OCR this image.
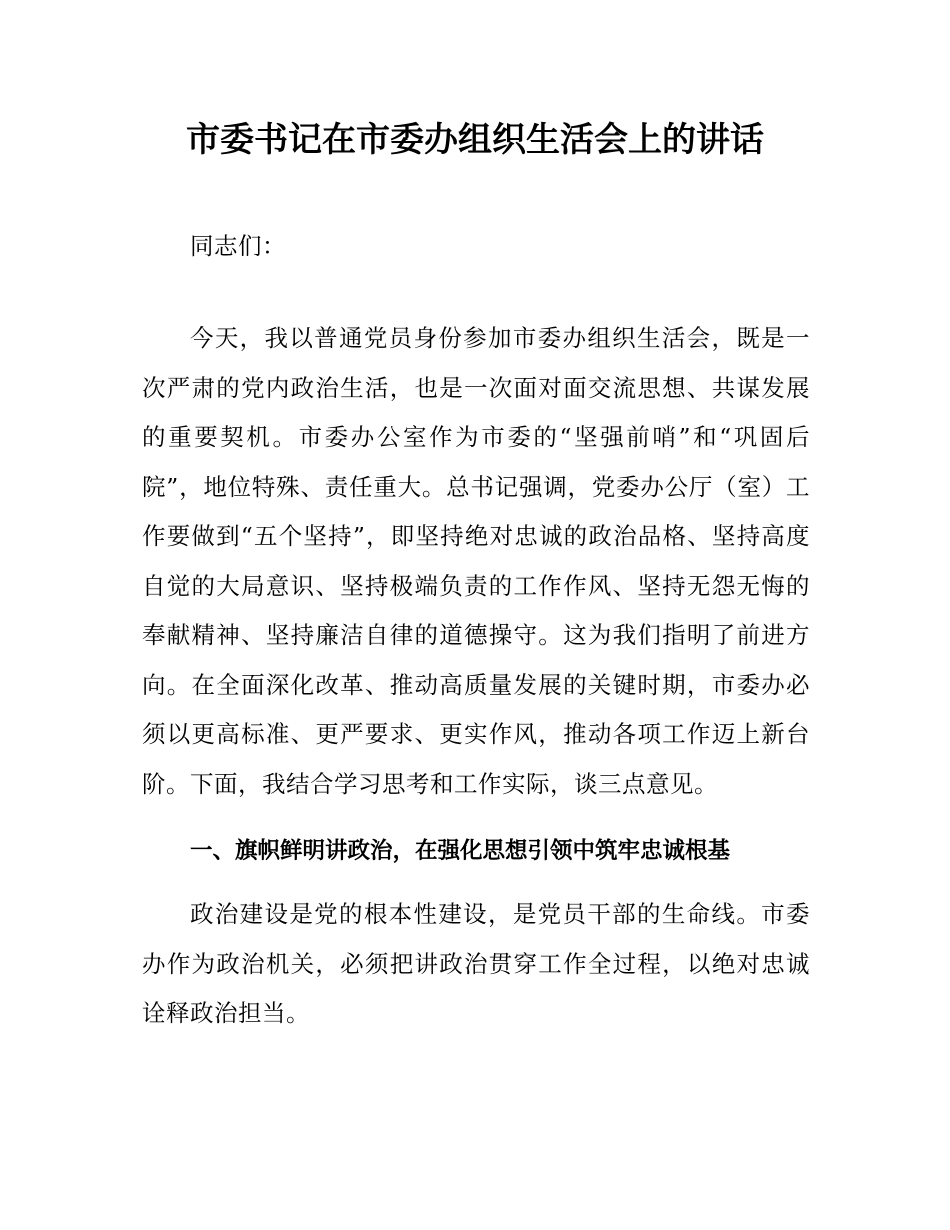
市委书记在市委办组织生活会上的讲话

同志们：

今天，我以普通党员身份参加市委办组织生活会，既是一次严肃的党内政治生活，也是一次面对面交流思想、共谋发展的重要契机。市委办公室作为市委的“坚强前哨”和“巩固后院”，地位特殊、责任重大。总书记强调，党委办公厅（室）工作要做到“五个坚持”，即坚持绝对忠诚的政治品格、坚持高度自觉的大局意识、坚持极端负责的工作作风、坚持无怨无悔的奉献精神、坚持廉洁自律的道德操守。这为我们指明了前进方向。在全面深化改革、推动高质量发展的关键时期，市委办必须以更高标准、更严要求、更实作风，推动各项工作迈上新台阶。下面，我结合学习思考和工作实际，谈三点意见。

一、旗帜鲜明讲政治，在强化思想引领中筑牢忠诚根基

政治建设是党的根本性建设，是党员干部的生命线。市委办作为政治机关，必须把讲政治贯穿工作全过程，以绝对忠诚诠释政治担当。
